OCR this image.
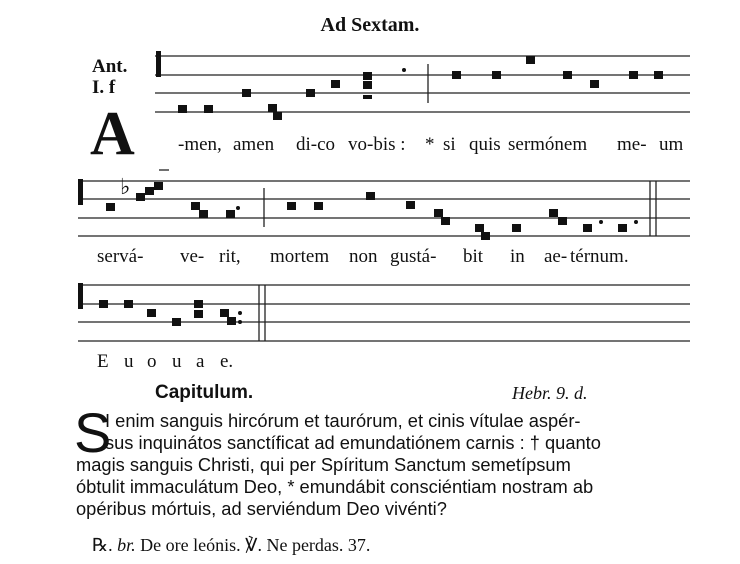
Ad Sextam.
Ant.
I. f
A -men, amen di-co vo-bis : * si quis sermónem me- um
♭
servá- ve- rit, mortem non gustá- bit in ae- térnum.
E u o u a e.
Capitulum.	Hebr. 9. d.
S
I enim sanguis hircórum et taurórum, et cinis vítulae aspér-
sus inquinátos sanctíficat ad emundatiónem carnis : † quanto
magis sanguis Christi, qui per Spíritum Sanctum semetípsum
óbtulit immaculátum Deo, * emundábit consciéntiam nostram ab
opéribus mórtuis, ad serviéndum Deo vivénti?
℞. br. De ore leónis. ℣. Ne perdas. 37.
